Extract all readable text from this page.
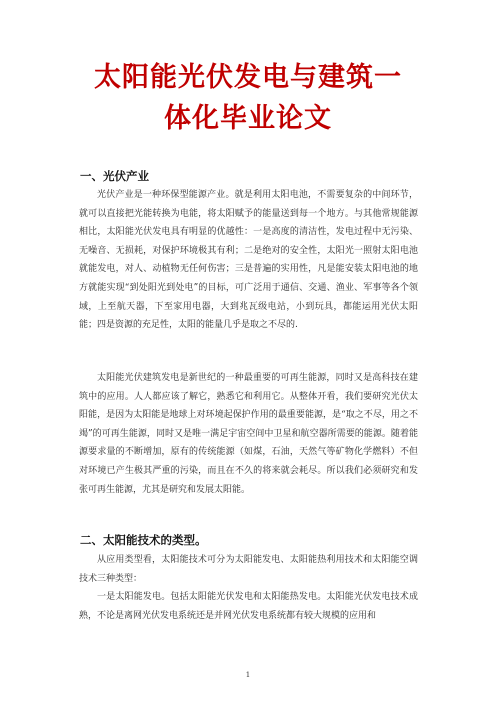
太阳能光伏发电与建筑一
体化毕业论文
一、光伏产业

光伏产业是一种环保型能源产业。就是利用太阳电池，不需要复杂的中间环节，就可以直接把光能转换为电能，将太阳赋予的能量送到每一个地方。与其他常规能源相比，太阳能光伏发电具有明显的优越性：一是高度的清洁性，发电过程中无污染、无噪音、无损耗，对保护环境极其有利；二是绝对的安全性，太阳光一照射太阳电池就能发电，对人、动植物无任何伤害；三是普遍的实用性，凡是能安装太阳电池的地方就能实现“到处阳光到处电”的目标，可广泛用于通信、交通、渔业、军事等各个领域，上至航天器，下至家用电器，大到兆瓦级电站，小到玩具，都能运用光伏太阳能；四是资源的充足性，太阳的能量几乎是取之不尽的.

太阳能光伏建筑发电是新世纪的一种最重要的可再生能源，同时又是高科技在建筑中的应用。人人都应该了解它，熟悉它和利用它。从整体开看，我们要研究光伏太阳能，是因为太阳能是地球上对环境起保护作用的最重要能源，是“取之不尽，用之不竭”的可再生能源，同时又是唯一满足宇宙空间中卫星和航空器所需要的能源。随着能源要求量的不断增加，原有的传统能源（如煤，石油，天然气等矿物化学燃料）不但对环境已产生极其严重的污染，而且在不久的将来就会耗尽。所以我们必须研究和发张可再生能源，尤其是研究和发展太阳能。

二、太阳能技术的类型。

从应用类型看，太阳能技术可分为太阳能发电、太阳能热利用技术和太阳能空调技术三种类型：

一是太阳能发电。包括太阳能光伏发电和太阳能热发电。太阳能光伏发电技术成熟，不论是离网光伏发电系统还是并网光伏发电系统都有较大规模的应用和

1
